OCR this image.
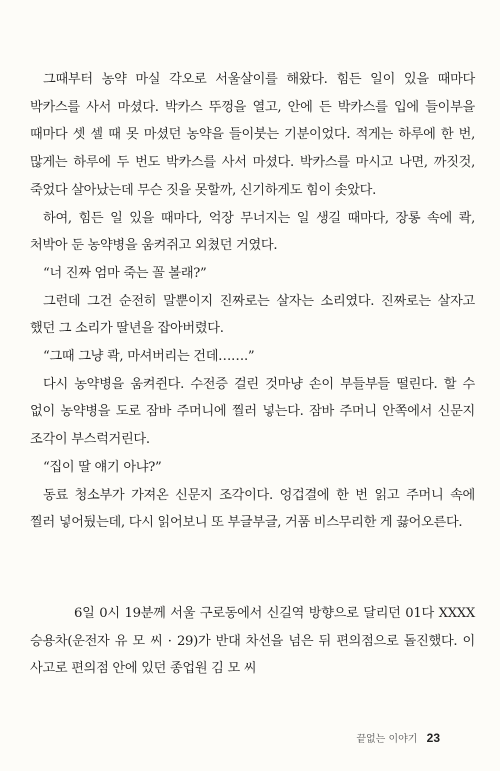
그때부터 농약 마실 각오로 서울살이를 해왔다. 힘든 일이 있을 때마다 박카스를 사서 마셨다. 박카스 뚜껑을 열고, 안에 든 박카스를 입에 들이부을 때마다 셋 셀 때 못 마셨던 농약을 들이붓는 기분이었다. 적게는 하루에 한 번, 많게는 하루에 두 번도 박카스를 사서 마셨다. 박카스를 마시고 나면, 까짓것, 죽었다 살아났는데 무슨 짓을 못할까, 신기하게도 힘이 솟았다.

하여, 힘든 일 있을 때마다, 억장 무너지는 일 생길 때마다, 장롱 속에 콱, 처박아 둔 농약병을 움켜쥐고 외쳤던 거였다.

“너 진짜 엄마 죽는 꼴 볼래?”

그런데 그건 순전히 말뿐이지 진짜로는 살자는 소리였다. 진짜로는 살자고 했던 그 소리가 딸년을 잡아버렸다.

“그때 그냥 콱, 마셔버리는 건데…….”

다시 농약병을 움켜쥔다. 수전증 걸린 것마냥 손이 부들부들 떨린다. 할 수 없이 농약병을 도로 잠바 주머니에 찔러 넣는다. 잠바 주머니 안쪽에서 신문지 조각이 부스럭거린다.

“집이 딸 얘기 아냐?”

동료 청소부가 가져온 신문지 조각이다. 엉겁결에 한 번 읽고 주머니 속에 찔러 넣어뒀는데, 다시 읽어보니 또 부글부글, 거품 비스무리한 게 끓어오른다.

6일 0시 19분께 서울 구로동에서 신길역 방향으로 달리던 01다 XXXX 승용차(운전자 유 모 씨 · 29)가 반대 차선을 넘은 뒤 편의점으로 돌진했다. 이 사고로 편의점 안에 있던 종업원 김 모 씨

끝없는 이야기 23
